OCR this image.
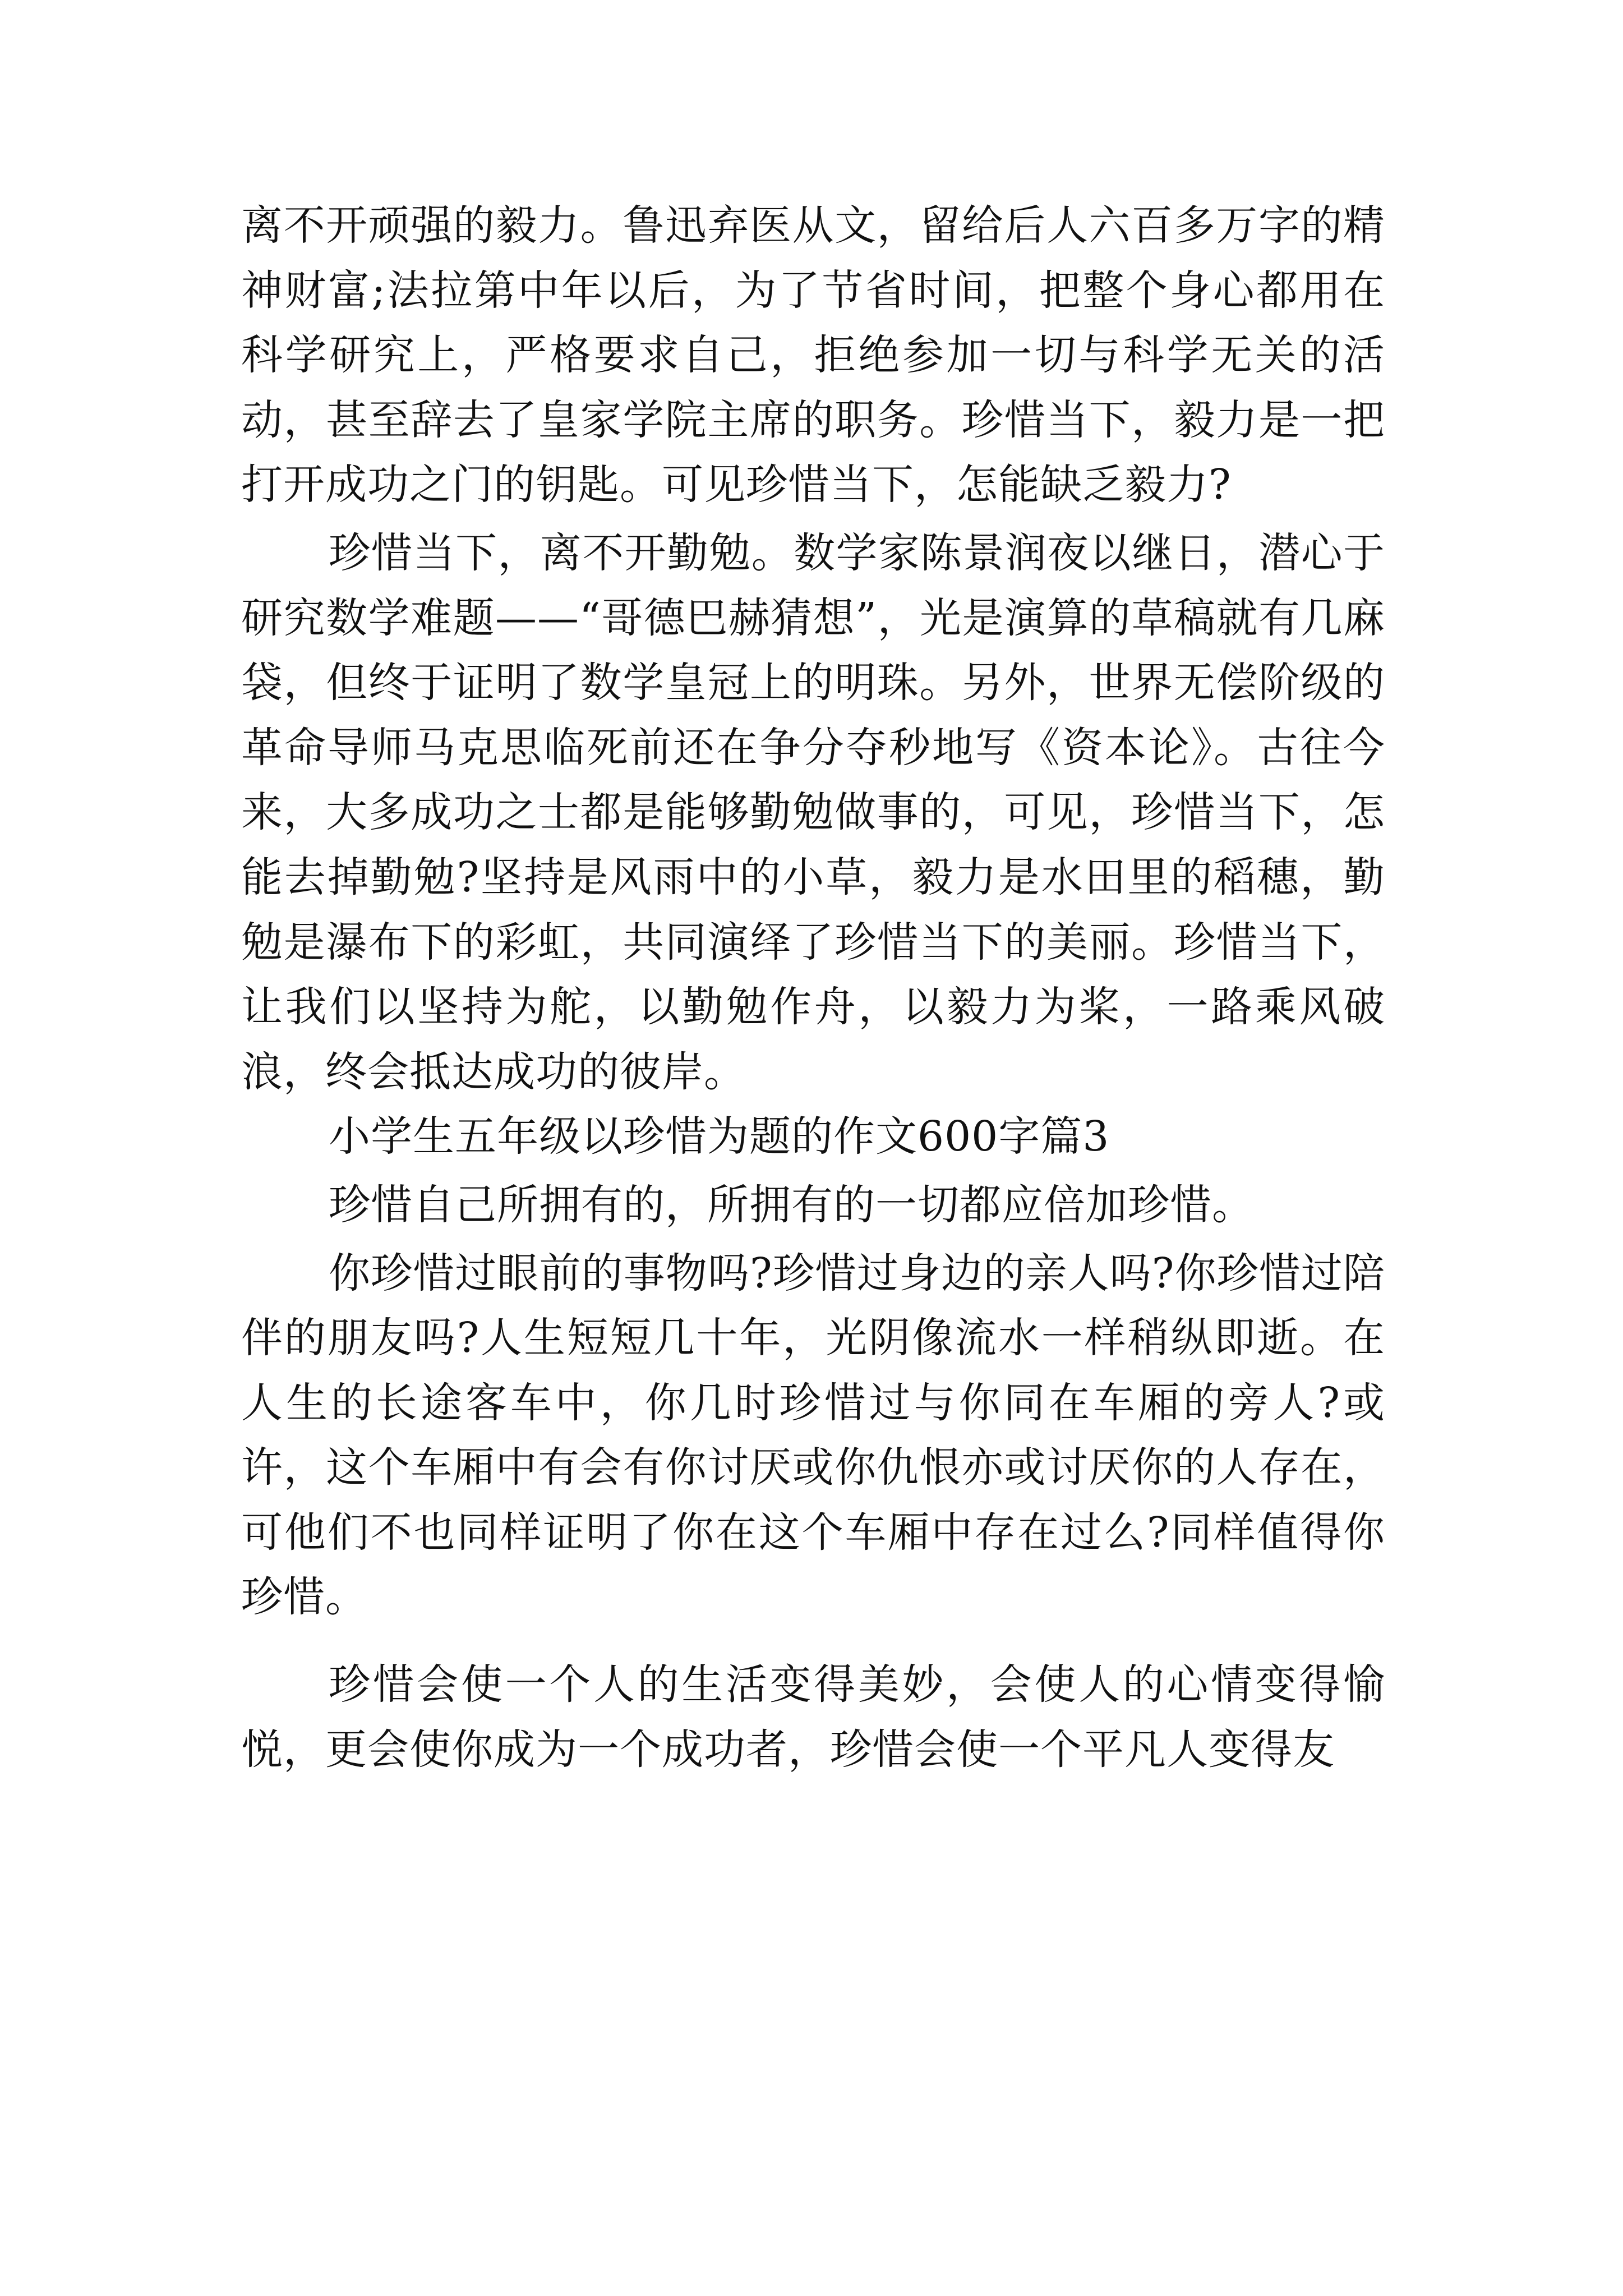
离不开顽强的毅力。鲁迅弃医从文，留给后人六百多万字的精神财富;法拉第中年以后，为了节省时间，把整个身心都用在科学研究上，严格要求自己，拒绝参加一切与科学无关的活动，甚至辞去了皇家学院主席的职务。珍惜当下，毅力是一把打开成功之门的钥匙。可见珍惜当下，怎能缺乏毅力?

珍惜当下，离不开勤勉。数学家陈景润夜以继日，潜心于研究数学难题——“哥德巴赫猜想”，光是演算的草稿就有几麻袋，但终于证明了数学皇冠上的明珠。另外，世界无偿阶级的革命导师马克思临死前还在争分夺秒地写《资本论》。古往今来，大多成功之士都是能够勤勉做事的，可见，珍惜当下，怎能去掉勤勉?坚持是风雨中的小草，毅力是水田里的稻穗，勤勉是瀑布下的彩虹，共同演绎了珍惜当下的美丽。珍惜当下，让我们以坚持为舵，以勤勉作舟，以毅力为桨，一路乘风破浪，终会抵达成功的彼岸。

小学生五年级以珍惜为题的作文600字篇3

珍惜自己所拥有的，所拥有的一切都应倍加珍惜。

你珍惜过眼前的事物吗?珍惜过身边的亲人吗?你珍惜过陪伴的朋友吗?人生短短几十年，光阴像流水一样稍纵即逝。在人生的长途客车中，你几时珍惜过与你同在车厢的旁人?或许，这个车厢中有会有你讨厌或你仇恨亦或讨厌你的人存在，可他们不也同样证明了你在这个车厢中存在过么?同样值得你珍惜。

珍惜会使一个人的生活变得美妙，会使人的心情变得愉悦，更会使你成为一个成功者，珍惜会使一个平凡人变得友
